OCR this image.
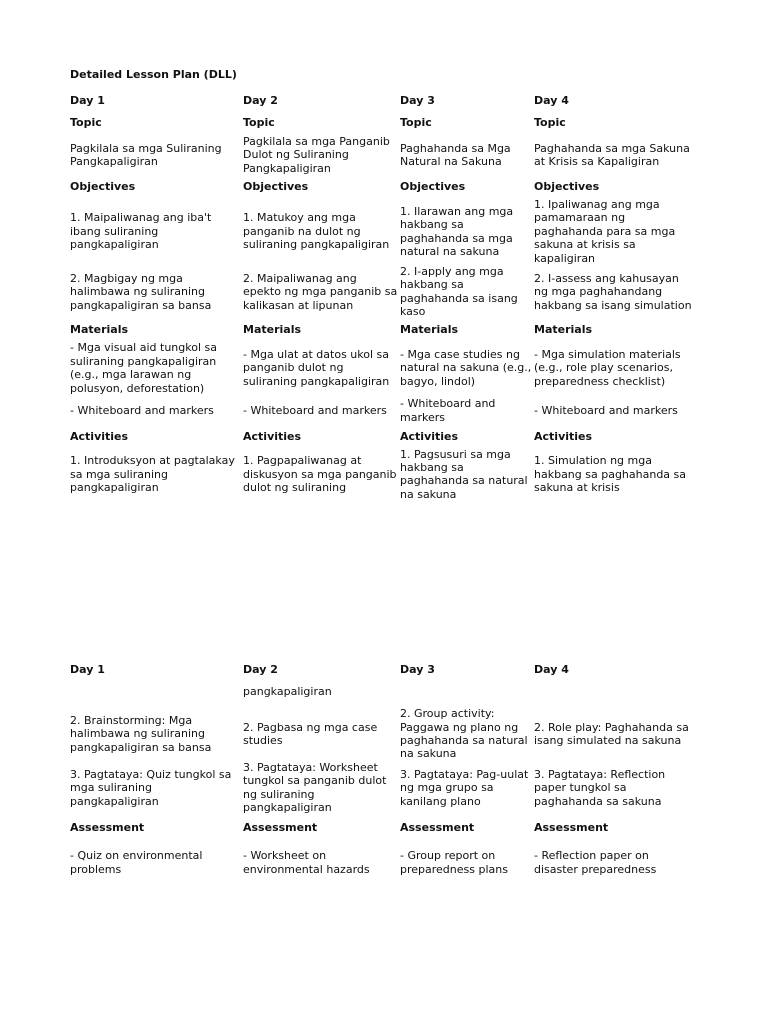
Detailed Lesson Plan (DLL)
Day 1	Day 2	Day 3	Day 4
Topic	Topic	Topic	Topic
Pagkilala sa mga Suliraning Pangkapaligiran	Pagkilala sa mga Panganib Dulot ng Suliraning Pangkapaligiran	Paghahanda sa Mga Natural na Sakuna	Paghahanda sa mga Sakuna at Krisis sa Kapaligiran
Objectives	Objectives	Objectives	Objectives
1. Maipaliwanag ang iba't ibang suliraning pangkapaligiran	1. Matukoy ang mga panganib na dulot ng suliraning pangkapaligiran	1. Ilarawan ang mga hakbang sa paghahanda sa mga natural na sakuna	1. Ipaliwanag ang mga pamamaraan ng paghahanda para sa mga sakuna at krisis sa kapaligiran
2. Magbigay ng mga halimbawa ng suliraning pangkapaligiran sa bansa	2. Maipaliwanag ang epekto ng mga panganib sa kalikasan at lipunan	2. I-apply ang mga hakbang sa paghahanda sa isang kaso	2. I-assess ang kahusayan ng mga paghahandang hakbang sa isang simulation
Materials	Materials	Materials	Materials
- Mga visual aid tungkol sa suliraning pangkapaligiran (e.g., mga larawan ng polusyon, deforestation)	- Mga ulat at datos ukol sa panganib dulot ng suliraning pangkapaligiran	- Mga case studies ng natural na sakuna (e.g., bagyo, lindol)	- Mga simulation materials (e.g., role play scenarios, preparedness checklist)
- Whiteboard and markers	- Whiteboard and markers	- Whiteboard and markers	- Whiteboard and markers
Activities	Activities	Activities	Activities
1. Introduksyon at pagtalakay sa mga suliraning pangkapaligiran	1. Pagpapaliwanag at diskusyon sa mga panganib dulot ng suliraning	1. Pagsusuri sa mga hakbang sa paghahanda sa natural na sakuna	1. Simulation ng mga hakbang sa paghahanda sa sakuna at krisis
Day 1	Day 2	Day 3	Day 4
	pangkapaligiran		
2. Brainstorming: Mga halimbawa ng suliraning pangkapaligiran sa bansa	2. Pagbasa ng mga case studies	2. Group activity: Paggawa ng plano ng paghahanda sa natural na sakuna	2. Role play: Paghahanda sa isang simulated na sakuna
3. Pagtataya: Quiz tungkol sa mga suliraning pangkapaligiran	3. Pagtataya: Worksheet tungkol sa panganib dulot ng suliraning pangkapaligiran	3. Pagtataya: Pag-uulat ng mga grupo sa kanilang plano	3. Pagtataya: Reflection paper tungkol sa paghahanda sa sakuna
Assessment	Assessment	Assessment	Assessment
- Quiz on environmental problems	- Worksheet on environmental hazards	- Group report on preparedness plans	- Reflection paper on disaster preparedness
